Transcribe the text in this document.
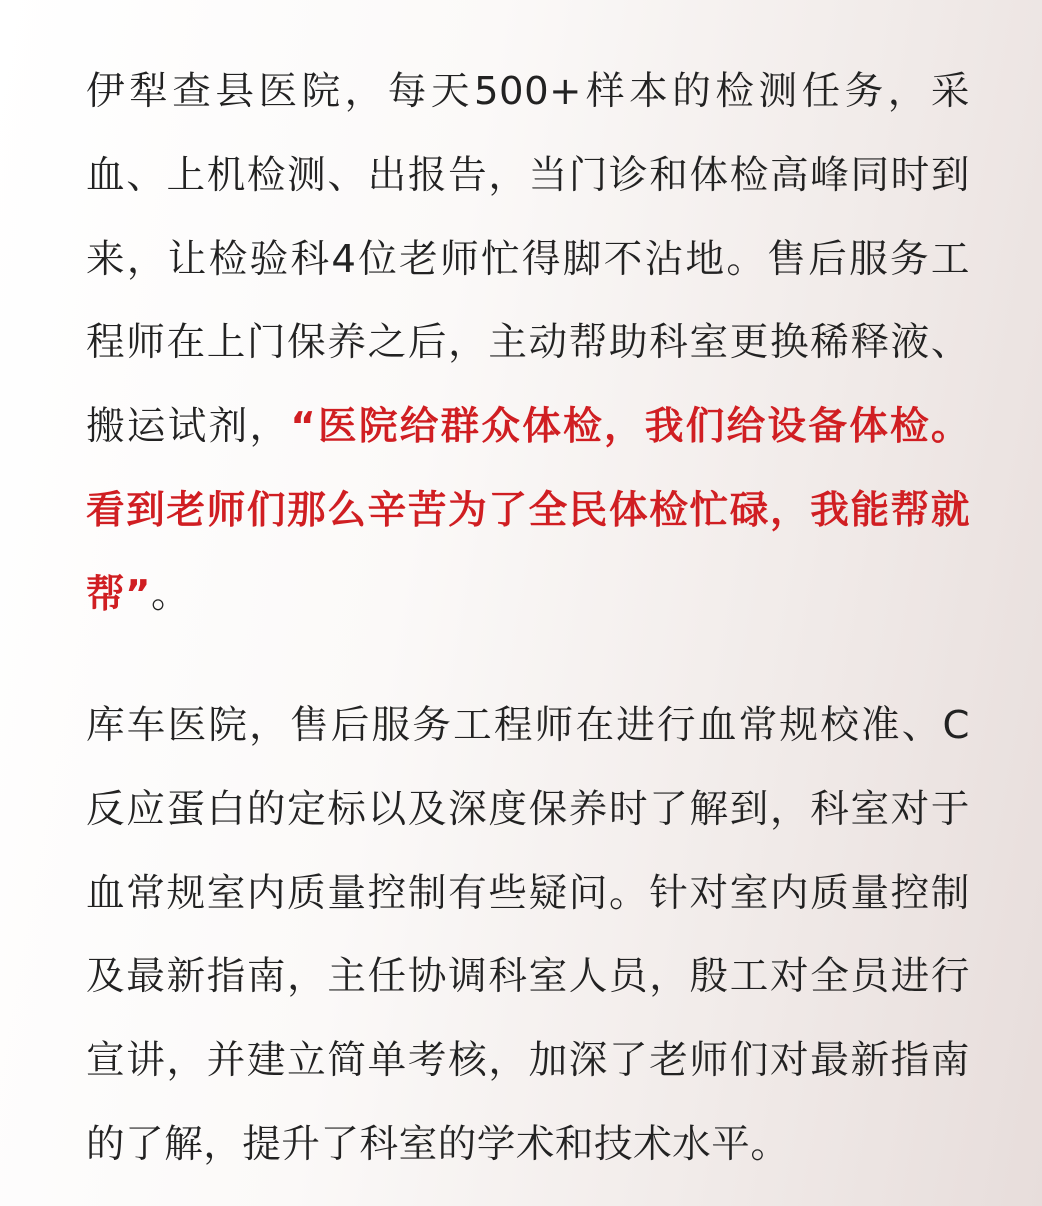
伊犁查县医院，每天500+样本的检测任务，采血、上机检测、出报告，当门诊和体检高峰同时到来，让检验科4位老师忙得脚不沾地。售后服务工程师在上门保养之后，主动帮助科室更换稀释液、搬运试剂，“医院给群众体检，我们给设备体检。看到老师们那么辛苦为了全民体检忙碌，我能帮就帮”。

库车医院，售后服务工程师在进行血常规校准、C反应蛋白的定标以及深度保养时了解到，科室对于血常规室内质量控制有些疑问。针对室内质量控制及最新指南，主任协调科室人员，殷工对全员进行宣讲，并建立简单考核，加深了老师们对最新指南的了解，提升了科室的学术和技术水平。
